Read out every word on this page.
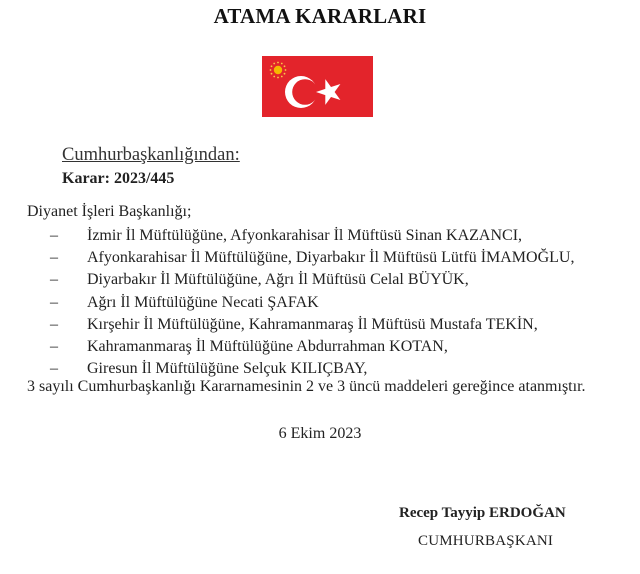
ATAMA KARARLARI
Cumhurbaşkanlığından:
Karar: 2023/445
Diyanet İşleri Başkanlığı;
–	İzmir İl Müftülüğüne, Afyonkarahisar İl Müftüsü Sinan KAZANCI,
–	Afyonkarahisar İl Müftülüğüne, Diyarbakır İl Müftüsü Lütfü İMAMOĞLU,
–	Diyarbakır İl Müftülüğüne, Ağrı İl Müftüsü Celal BÜYÜK,
–	Ağrı İl Müftülüğüne Necati ŞAFAK
–	Kırşehir İl Müftülüğüne, Kahramanmaraş İl Müftüsü Mustafa TEKİN,
–	Kahramanmaraş İl Müftülüğüne Abdurrahman KOTAN,
–	Giresun İl Müftülüğüne Selçuk KILIÇBAY,
3 sayılı Cumhurbaşkanlığı Kararnamesinin 2 ve 3 üncü maddeleri gereğince atanmıştır.
6 Ekim 2023
Recep Tayyip ERDOĞAN
CUMHURBAŞKANI
